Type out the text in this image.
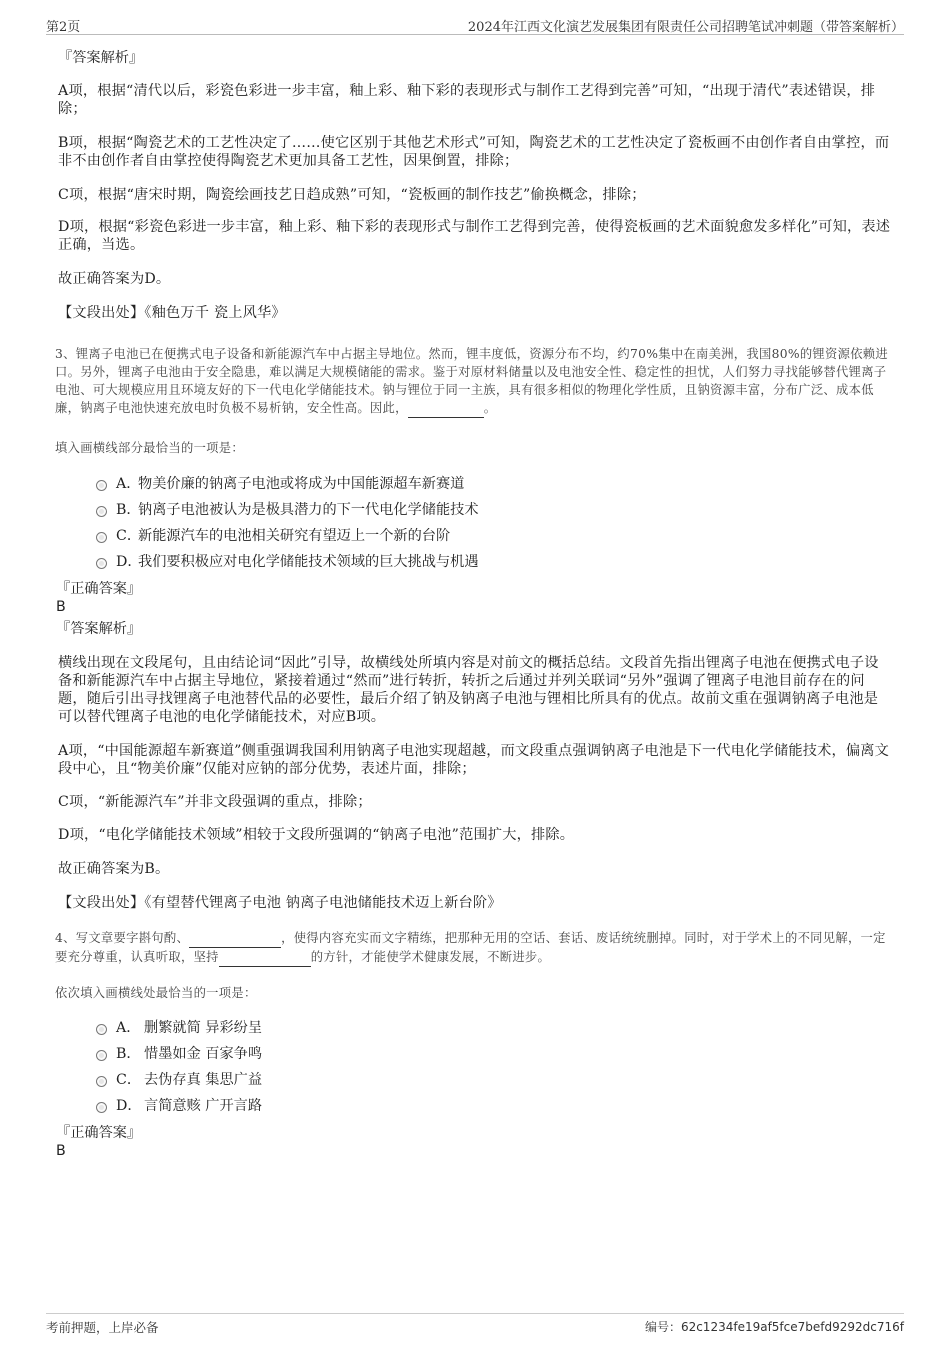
第2页	2024年江西文化演艺发展集团有限责任公司招聘笔试冲刺题（带答案解析）
『答案解析』
A项，根据“清代以后，彩瓷色彩进一步丰富，釉上彩、釉下彩的表现形式与制作工艺得到完善”可知，“出现于清代”表述错误，排除；
B项，根据“陶瓷艺术的工艺性决定了……使它区别于其他艺术形式”可知，陶瓷艺术的工艺性决定了瓷板画不由创作者自由掌控，而非不由创作者自由掌控使得陶瓷艺术更加具备工艺性，因果倒置，排除；
C项，根据“唐宋时期，陶瓷绘画技艺日趋成熟”可知，“瓷板画的制作技艺”偷换概念，排除；
D项，根据“彩瓷色彩进一步丰富，釉上彩、釉下彩的表现形式与制作工艺得到完善，使得瓷板画的艺术面貌愈发多样化”可知，表述正确，当选。
故正确答案为D。
【文段出处】《釉色万千 瓷上风华》
3、锂离子电池已在便携式电子设备和新能源汽车中占据主导地位。然而，锂丰度低，资源分布不均，约70%集中在南美洲，我国80%的锂资源依赖进口。另外，锂离子电池由于安全隐患，难以满足大规模储能的需求。鉴于对原材料储量以及电池安全性、稳定性的担忧，人们努力寻找能够替代锂离子电池、可大规模应用且环境友好的下一代电化学储能技术。钠与锂位于同一主族，具有很多相似的物理化学性质，且钠资源丰富，分布广泛、成本低廉，钠离子电池快速充放电时负极不易析钠，安全性高。因此，	。
填入画横线部分最恰当的一项是：
A．
物美价廉的钠离子电池或将成为中国能源超车新赛道
B．
钠离子电池被认为是极具潜力的下一代电化学储能技术
C．
新能源汽车的电池相关研究有望迈上一个新的台阶
D．
我们要积极应对电化学储能技术领域的巨大挑战与机遇
『正确答案』
B
『答案解析』
横线出现在文段尾句，且由结论词“因此”引导，故横线处所填内容是对前文的概括总结。文段首先指出锂离子电池在便携式电子设备和新能源汽车中占据主导地位，紧接着通过“然而”进行转折，转折之后通过并列关联词“另外”强调了锂离子电池目前存在的问题，随后引出寻找锂离子电池替代品的必要性，最后介绍了钠及钠离子电池与锂相比所具有的优点。故前文重在强调钠离子电池是可以替代锂离子电池的电化学储能技术，对应B项。
A项，“中国能源超车新赛道”侧重强调我国利用钠离子电池实现超越，而文段重点强调钠离子电池是下一代电化学储能技术，偏离文段中心，且“物美价廉”仅能对应钠的部分优势，表述片面，排除；
C项，“新能源汽车”并非文段强调的重点，排除；
D项，“电化学储能技术领域”相较于文段所强调的“钠离子电池”范围扩大，排除。
故正确答案为B。
【文段出处】《有望替代锂离子电池 钠离子电池储能技术迈上新台阶》
4、写文章要字斟句酌、	，使得内容充实而文字精练，把那种无用的空话、套话、废话统统删掉。同时，对于学术上的不同见解，一定要充分尊重，认真听取，坚持	的方针，才能使学术健康发展，不断进步。
依次填入画横线处最恰当的一项是：
A． 删繁就简 异彩纷呈
B． 惜墨如金 百家争鸣
C． 去伪存真 集思广益
D． 言简意赅 广开言路
『正确答案』
B
考前押题，上岸必备	编号：62c1234fe19af5fce7befd9292dc716f
